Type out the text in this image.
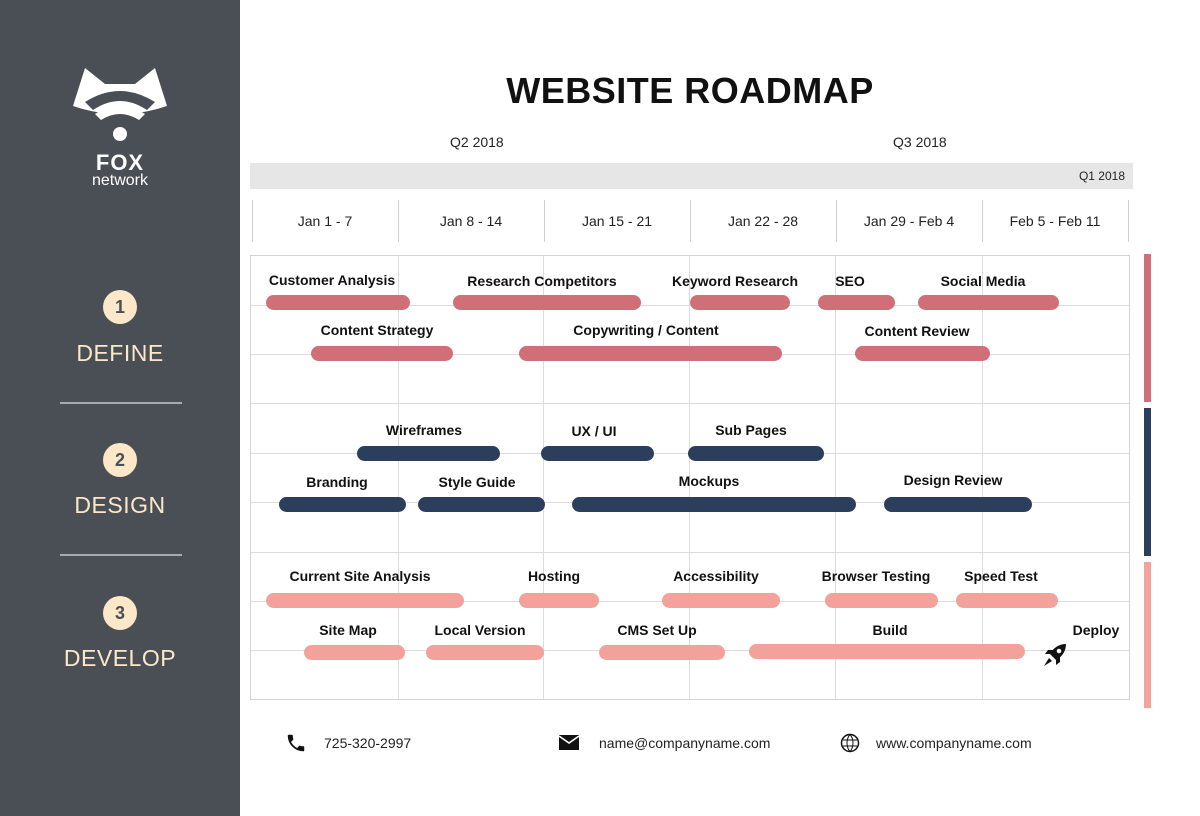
FOX
network
1
DEFINE
2
DESIGN
3
DEVELOP
WEBSITE ROADMAP
Q2 2018	Q3 2018
Q1 2018
Jan 1 - 7	Jan 8 - 14	Jan 15 - 21	Jan 22 - 28	Jan 29 - Feb 4	Feb 5 - Feb 11
Customer Analysis	Research Competitors	Keyword Research	SEO	Social Media
Content Strategy	Copywriting / Content	Content Review
Wireframes	UX / UI	Sub Pages
Branding	Style Guide	Mockups	Design Review
Current Site Analysis	Hosting	Accessibility	Browser Testing Speed Test
Site Map	Local Version	CMS Set Up	Build	Deploy
725-320-2997	name@companyname.com	www.companyname.com
